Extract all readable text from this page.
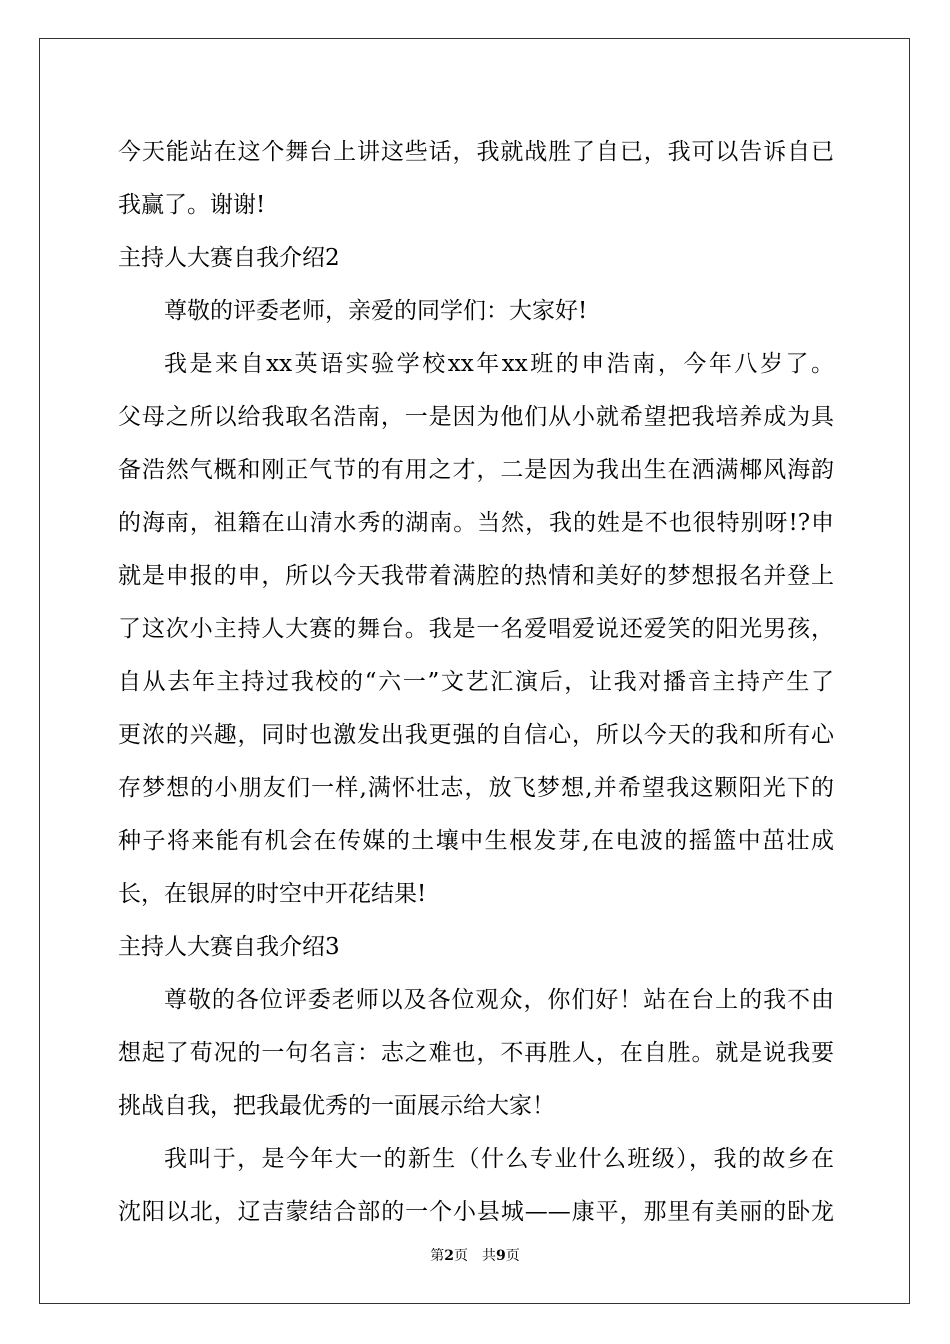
今天能站在这个舞台上讲这些话，我就战胜了自已，我可以告诉自已
我赢了。谢谢!
主持人大赛自我介绍2
尊敬的评委老师，亲爱的同学们：大家好!
我是来自xx英语实验学校xx年xx班的申浩南，今年八岁了。
父母之所以给我取名浩南，一是因为他们从小就希望把我培养成为具
备浩然气概和刚正气节的有用之才，二是因为我出生在洒满椰风海韵
的海南，祖籍在山清水秀的湖南。当然，我的姓是不也很特别呀!?申
就是申报的申，所以今天我带着满腔的热情和美好的梦想报名并登上
了这次小主持人大赛的舞台。我是一名爱唱爱说还爱笑的阳光男孩，
自从去年主持过我校的“六一”文艺汇演后，让我对播音主持产生了
更浓的兴趣，同时也激发出我更强的自信心，所以今天的我和所有心
存梦想的小朋友们一样,满怀壮志，放飞梦想,并希望我这颗阳光下的
种子将来能有机会在传媒的土壤中生根发芽,在电波的摇篮中茁壮成
长，在银屏的时空中开花结果!
主持人大赛自我介绍3
尊敬的各位评委老师以及各位观众，你们好！站在台上的我不由
想起了荀况的一句名言：志之难也，不再胜人，在自胜。就是说我要
挑战自我，把我最优秀的一面展示给大家！
我叫于，是今年大一的新生（什么专业什么班级），我的故乡在
沈阳以北，辽吉蒙结合部的一个小县城——康平，那里有美丽的卧龙
第2页 共9页
